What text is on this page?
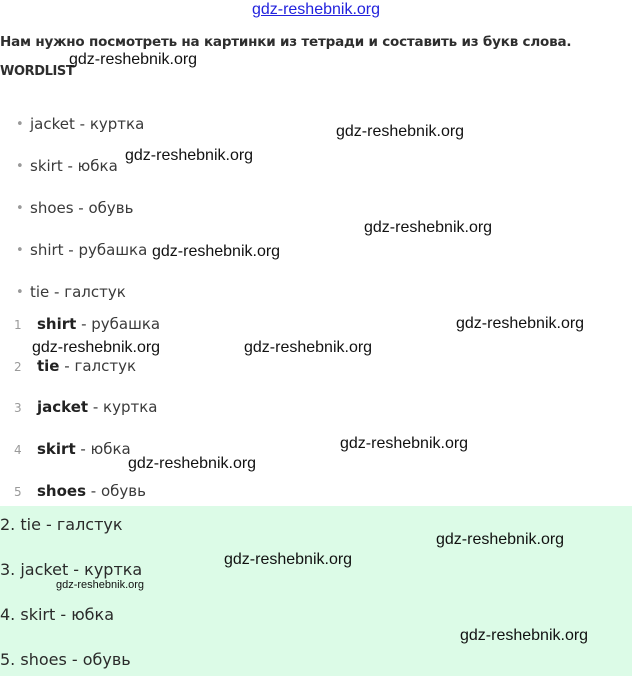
gdz-reshebnik.org
Нам нужно посмотреть на картинки из тетради и составить из букв слова.
WORDLIST
• jacket - куртка
• skirt - юбка
• shoes - обувь
• shirt - рубашка
• tie - галстук
1 shirt - рубашка
2 tie - галстук
3 jacket - куртка
4 skirt - юбка
5 shoes - обувь
2. tie - галстук
3. jacket - куртка
4. skirt - юбка
5. shoes - обувь
gdz-reshebnik.org
gdz-reshebnik.org
gdz-reshebnik.org
gdz-reshebnik.org
gdz-reshebnik.org
gdz-reshebnik.org
gdz-reshebnik.org	gdz-reshebnik.org
gdz-reshebnik.org
gdz-reshebnik.org
gdz-reshebnik.org
gdz-reshebnik.org
gdz-reshebnik.org
gdz-reshebnik.org
